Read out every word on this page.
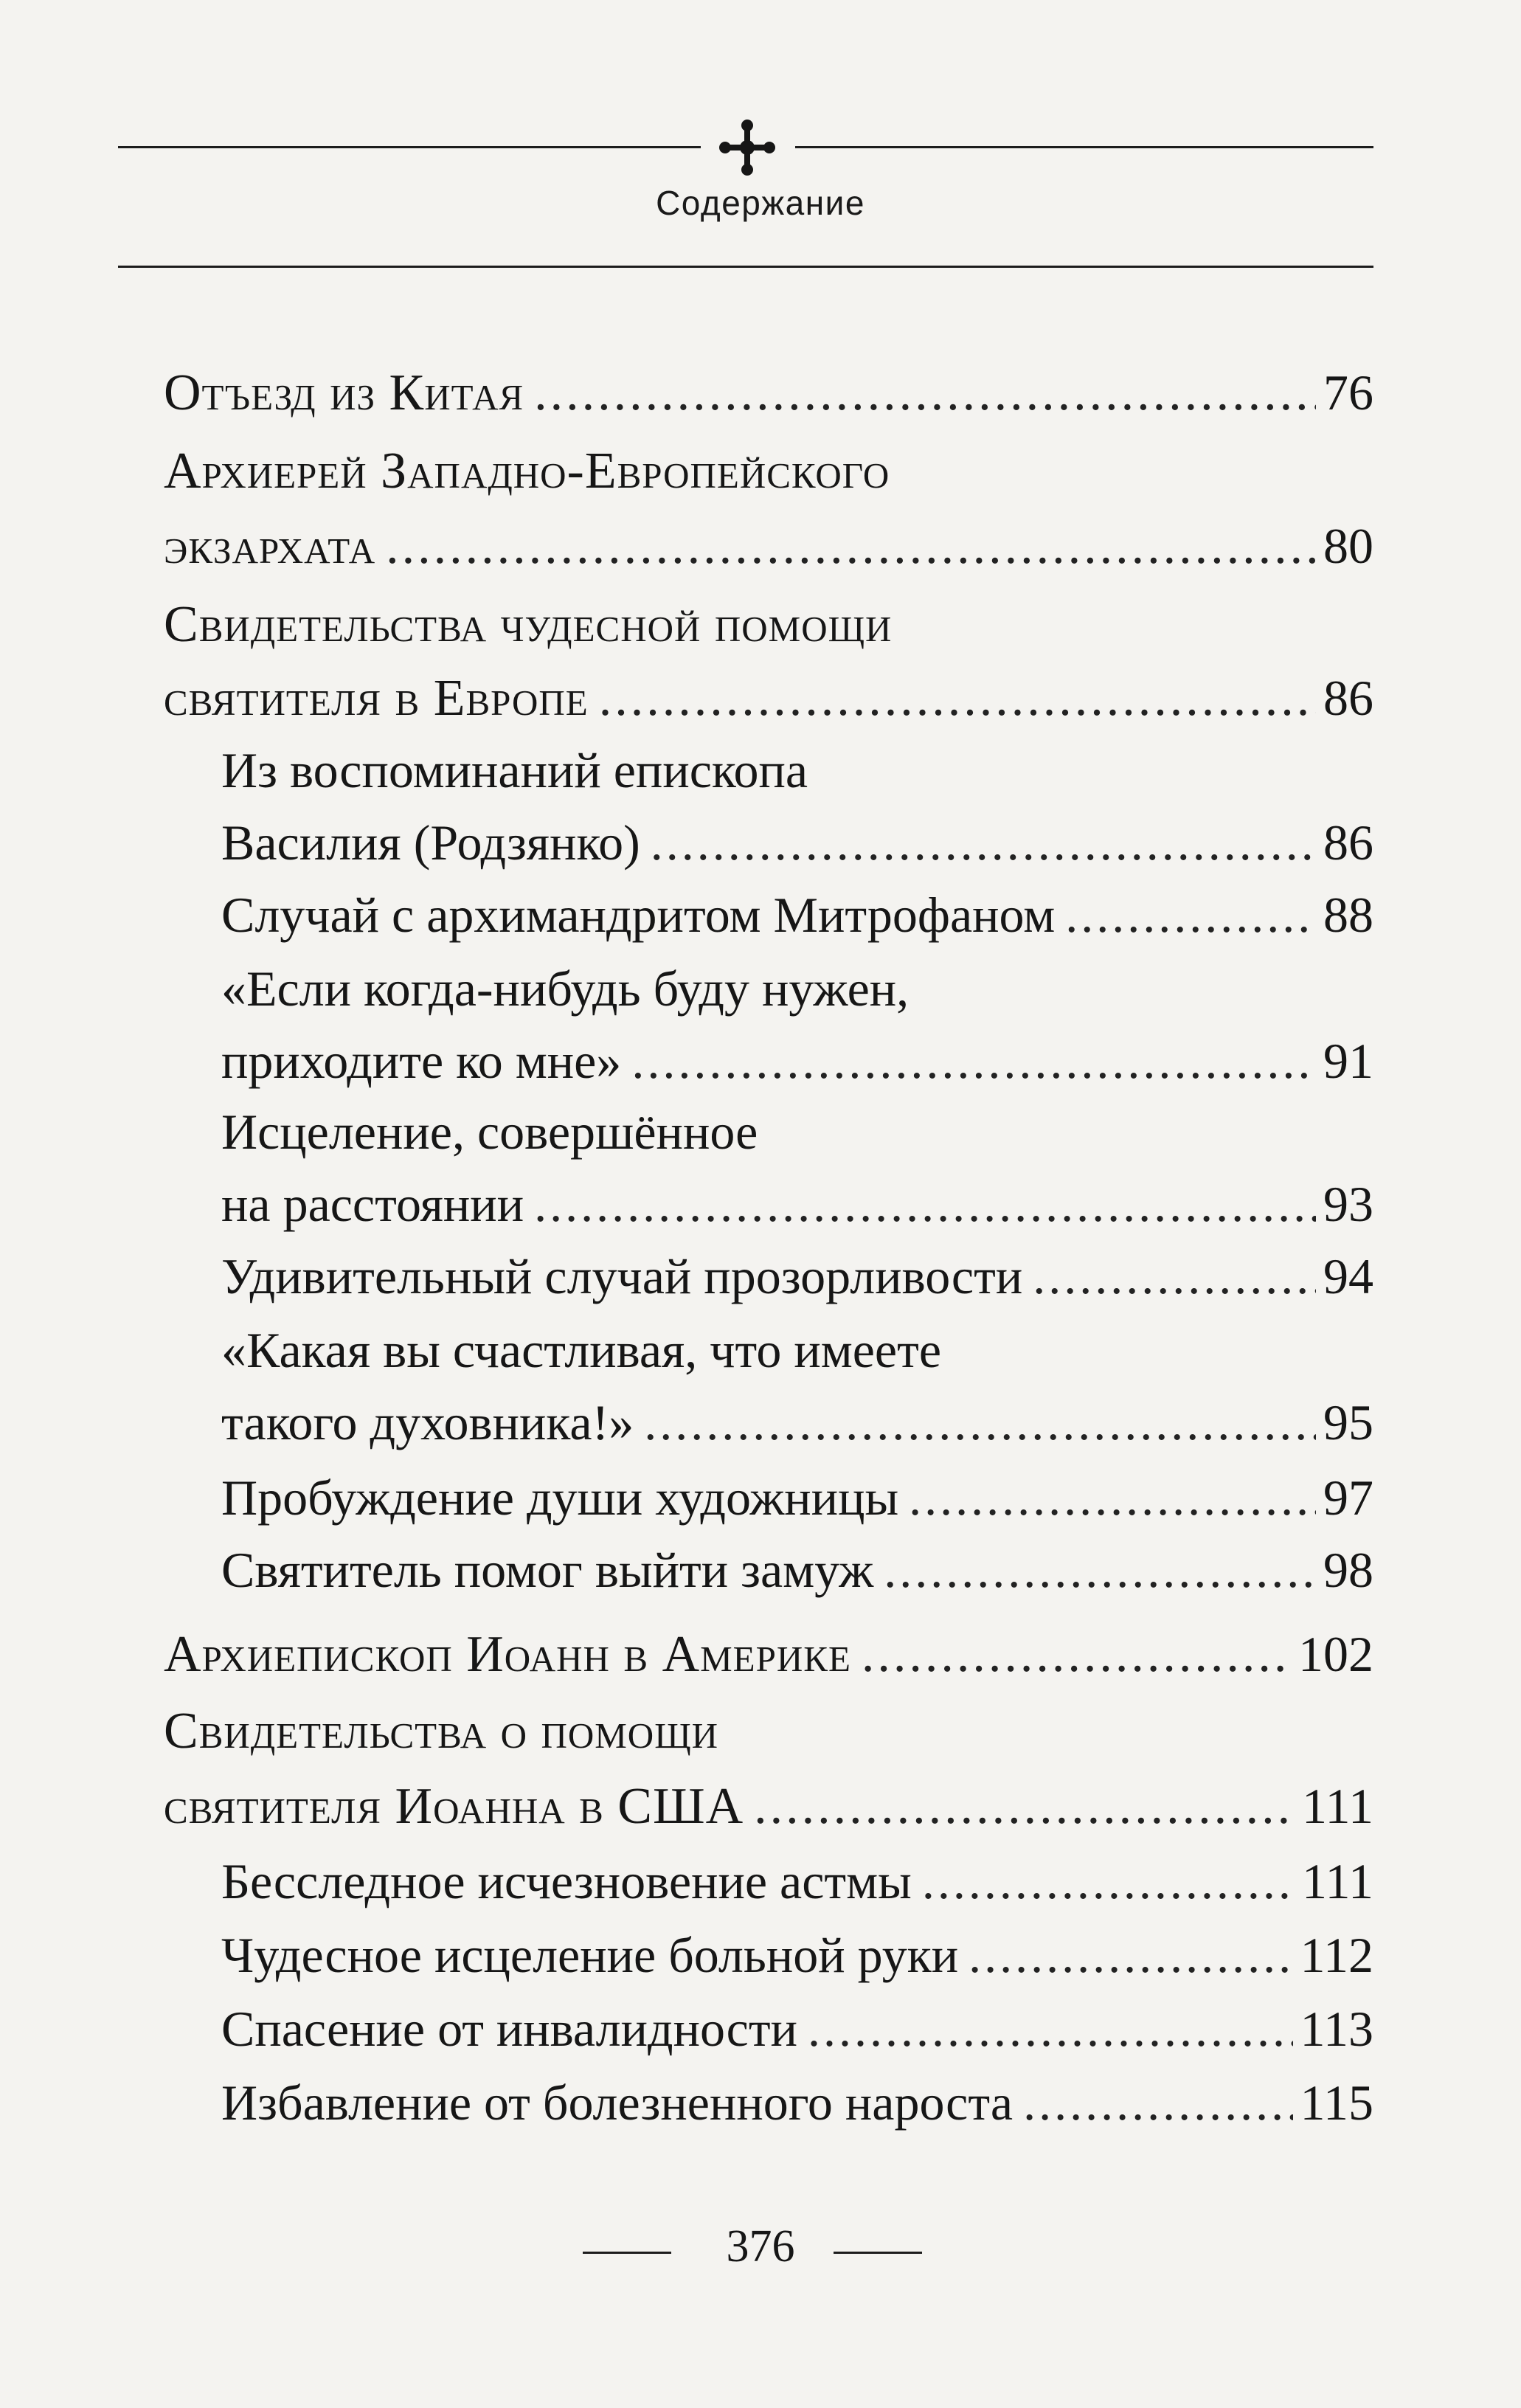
Содержание
Отъезд из Китая .....	76
Архиерей Западно-Европейского
экзархата .....	80
Свидетельства чудесной помощи
святителя в Европе .....	86
Из воспоминаний епископа
Василия (Родзянко) .....	86
Случай с архимандритом Митрофаном .....	88
«Если когда-нибудь буду нужен,
приходите ко мне» .....	91
Исцеление, совершённое
на расстоянии .....	93
Удивительный случай прозорливости .....	94
«Какая вы счастливая, что имеете
такого духовника!» .....	95
Пробуждение души художницы .....	97
Святитель помог выйти замуж .....	98
Архиепископ Иоанн в Америке .....	102
Свидетельства о помощи
святителя Иоанна в США .....	111
Бесследное исчезновение астмы .....	111
Чудесное исцеление больной руки .....	112
Спасение от инвалидности .....	113
Избавление от болезненного нароста .....	115
376
